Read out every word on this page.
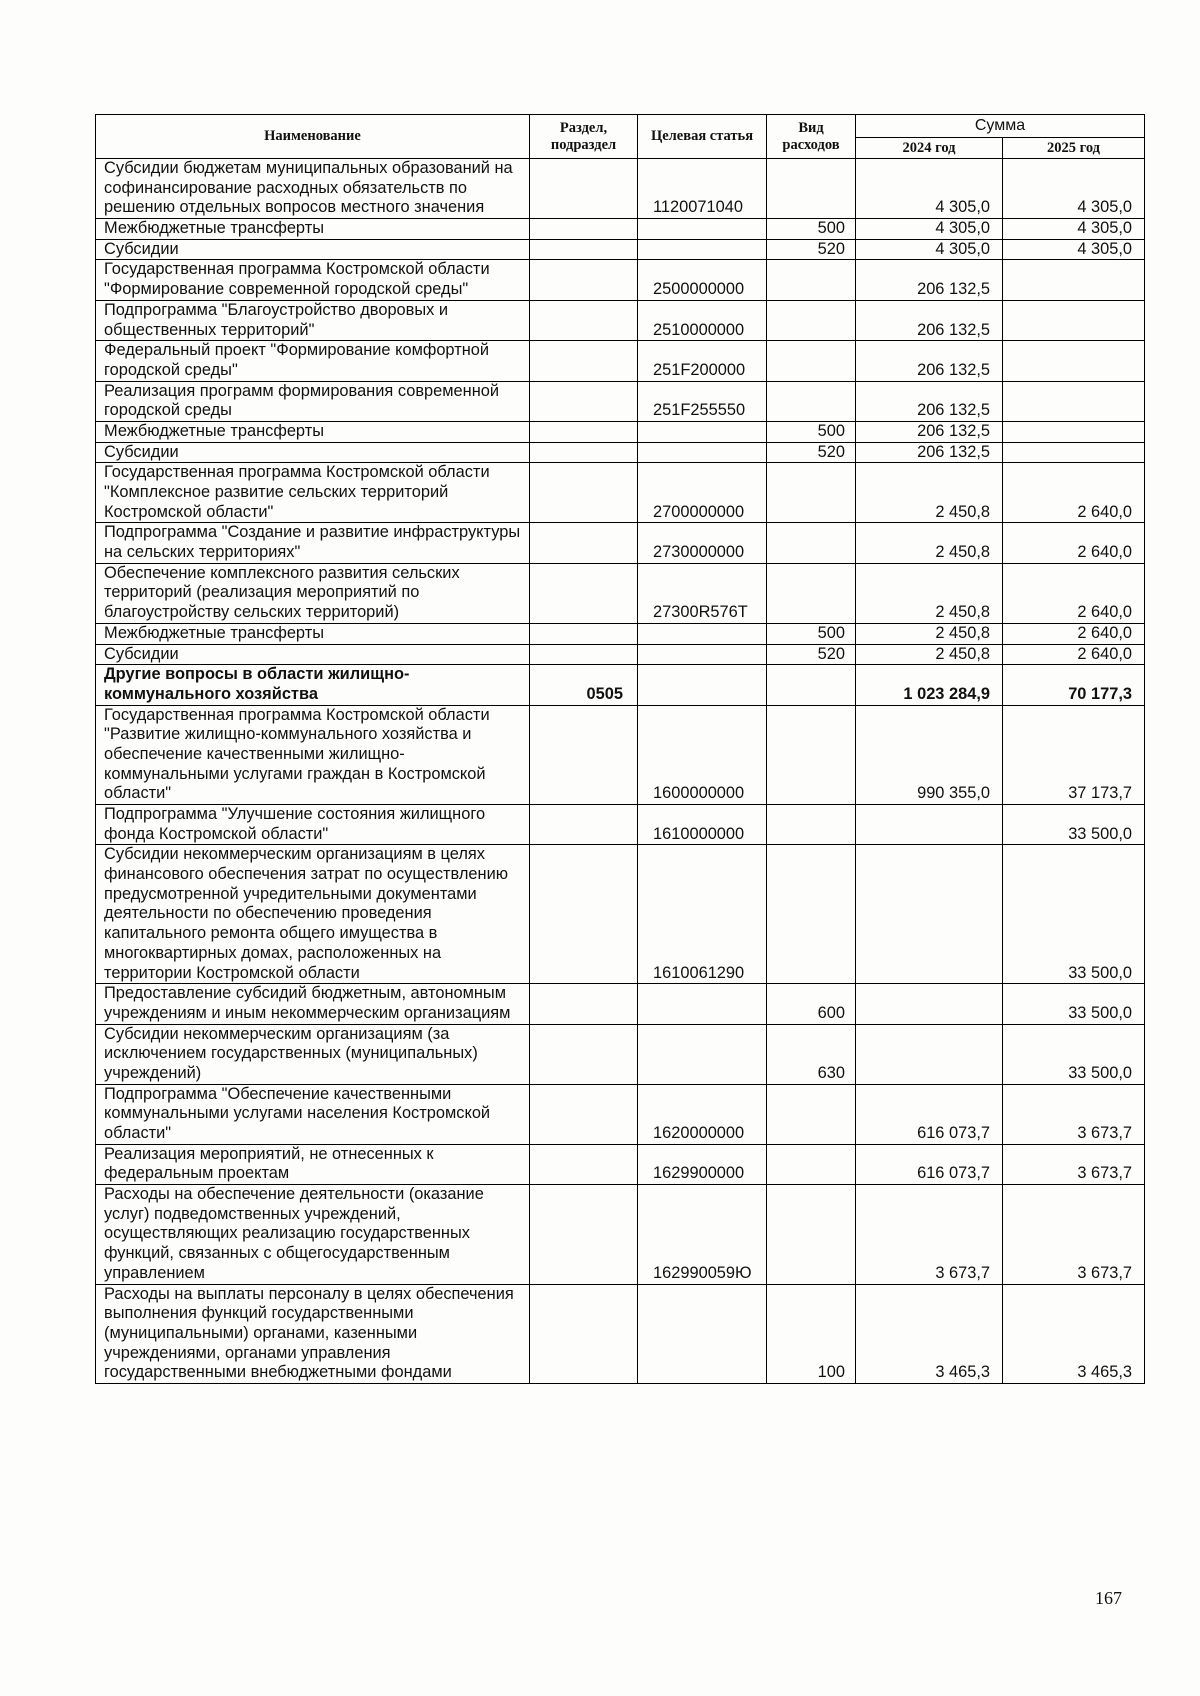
Наименование	Раздел, подраздел	Целевая статья	Вид расходов	Сумма	
				2024 год	2025 год
Субсидии бюджетам муниципальных образований на софинансирование расходных обязательств по решению отдельных вопросов местного значения		1120071040		4 305,0	4 305,0
Межбюджетные трансферты			500	4 305,0	4 305,0
Субсидии			520	4 305,0	4 305,0
Государственная программа Костромской области "Формирование современной городской среды"		2500000000		206 132,5	
Подпрограмма "Благоустройство дворовых и общественных территорий"		2510000000		206 132,5	
Федеральный проект "Формирование комфортной городской среды"		251F200000		206 132,5	
Реализация программ формирования современной городской среды		251F255550		206 132,5	
Межбюджетные трансферты			500	206 132,5	
Субсидии			520	206 132,5	
Государственная программа Костромской области "Комплексное развитие сельских территорий Костромской области"		2700000000		2 450,8	2 640,0
Подпрограмма "Создание и развитие инфраструктуры на сельских территориях"		2730000000		2 450,8	2 640,0
Обеспечение комплексного развития сельских территорий (реализация мероприятий по благоустройству сельских территорий)		27300R576T		2 450,8	2 640,0
Межбюджетные трансферты			500	2 450,8	2 640,0
Субсидии			520	2 450,8	2 640,0
Другие вопросы в области жилищно-коммунального хозяйства	0505			1 023 284,9	70 177,3
Государственная программа Костромской области "Развитие жилищно-коммунального хозяйства и обеспечение качественными жилищно-коммунальными услугами граждан в Костромской области"		1600000000		990 355,0	37 173,7
Подпрограмма "Улучшение состояния жилищного фонда Костромской области"		1610000000			33 500,0
Субсидии некоммерческим организациям в целях финансового обеспечения затрат по осуществлению предусмотренной учредительными документами деятельности по обеспечению проведения капитального ремонта общего имущества в многоквартирных домах, расположенных на территории Костромской области		1610061290			33 500,0
Предоставление субсидий бюджетным, автономным учреждениям и иным некоммерческим организациям			600		33 500,0
Субсидии некоммерческим организациям (за исключением государственных (муниципальных) учреждений)			630		33 500,0
Подпрограмма "Обеспечение качественными коммунальными услугами населения Костромской области"		1620000000		616 073,7	3 673,7
Реализация мероприятий, не отнесенных к федеральным проектам		1629900000		616 073,7	3 673,7
Расходы на обеспечение деятельности (оказание услуг) подведомственных учреждений, осуществляющих реализацию государственных функций, связанных с общегосударственным управлением		162990059Ю		3 673,7	3 673,7
Расходы на выплаты персоналу в целях обеспечения выполнения функций государственными (муниципальными) органами, казенными учреждениями, органами управления государственными внебюджетными фондами			100	3 465,3	3 465,3
167
